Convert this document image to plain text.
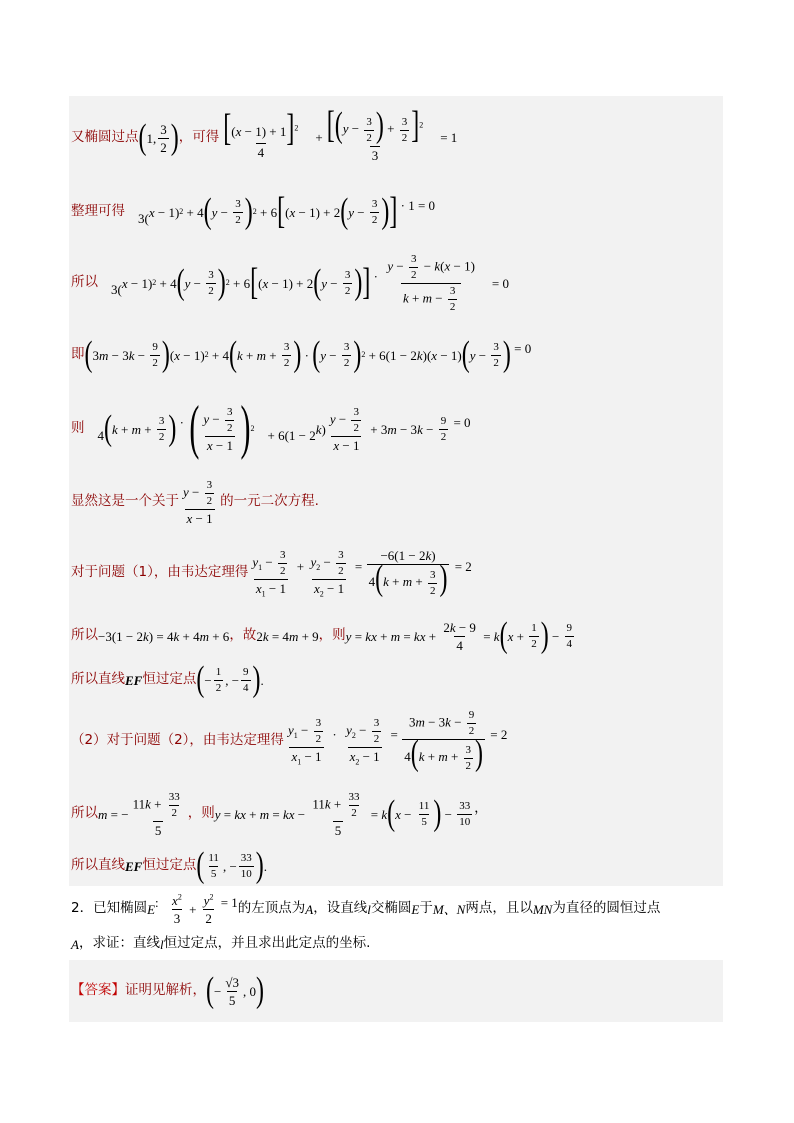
又椭圆过点 ( 1, $\frac{3}{2}$ ) ，可得 $\frac{[(x - 1) + 1]^2}{4}$
+
$\frac{[(y - \frac{3}{2} ) + \frac{3}{2} ]^2}{3}$
= 1

整理可得	
3( x − 1) 2 + 4 ( $y - \frac{3}{2}$ ) 2 + 6 [ ( x − 1) + 2 ( $y - \frac{3}{2}$ ) ] · 1 = 0

所以	
3( x − 1) 2 + 4 ( $y - \frac{3}{2}$ ) 2 + 6 [ ( x − 1) + 2 ( $y - \frac{3}{2}$ ) ] ·
$\frac{y - \frac{3}{2} - k(x - 1)}{k + m - \frac{3}{2}}$
= 0

即 ( 3 m − 3 $k - \frac{9}{2}$ ) ( x − 1) 2 + 4 ( $k + m + \frac{3}{2}$ ) · ( $y - \frac{3}{2}$ ) 2 + 6(1 − 2 k )( x − 1) ( $y - \frac{3}{2}$ ) = 0

则	
4 ( $k + m + \frac{3}{2}$ ) ·
( $\frac{y - \frac{3}{2}}{x - 1}$ ) 2
+ 6(1 − 2 k ) $\frac{y - \frac{3}{2}}{x - 1} + 3$ m − 3 $k - \frac{9}{2} = 0$

显然这是一个关于 $\frac{y - \frac{3}{2}}{x - 1}$ 的一元二次方程.
对于问题（1），由韦达定理得 $\frac{y_1 - \frac{3}{2}}{x_1 - 1}$ +
$\frac{y_2 - \frac{3}{2}}{x_2 - 1}$ =
$\frac{-6(1 - 2k)}{4(k + m + \frac{3}{2} )} = 2$

所以 −3(1 − 2 k ) = 4 k + 4 m + 6 ，故 2 k = 4 m + 9 ，则 y = kx + m = kx + $\frac{2k - 9}{4} = k$ ( $x + \frac{1}{2}$ ) − $\frac{9}{4}$
所以直线 EF 恒过定点 ( − $\frac{1}{2}$ , − $\frac{9}{4}$ ) .
（2）对于问题（2），由韦达定理得 $\frac{y_1 - \frac{3}{2}}{x_1 - 1}$ ·
$\frac{y_2 - \frac{3}{2}}{x_2 - 1}$ =
$\frac{3m - 3k - \frac{9}{2}}{4(k + m + \frac{3}{2} )} = 2$

所以 m = − $\frac{11k + \frac{33}{2}}{5}$ ，则 y = kx + m = kx − $\frac{11k + \frac{33}{2}}{5} = k$ ( $x - \frac{11}{5}$ ) − $\frac{33}{10}$ ，

所以直线 EF 恒过定点 ( $\frac{11}{5}$ , − $\frac{33}{10}$ ) .
2．已知椭圆 E :
$\frac{x^2}{3} + \frac{y^2}{2} = 1$
的左顶点为 A ，设直线 l 交椭圆 E 于 M、N 两点，且以 MN 为直径的圆恒过点
A ，求证：直线 l 恒过定点，并且求出此定点的坐标.
【答案】 证明见解析， ( − $\frac{√3}{5}$ , 0 )
